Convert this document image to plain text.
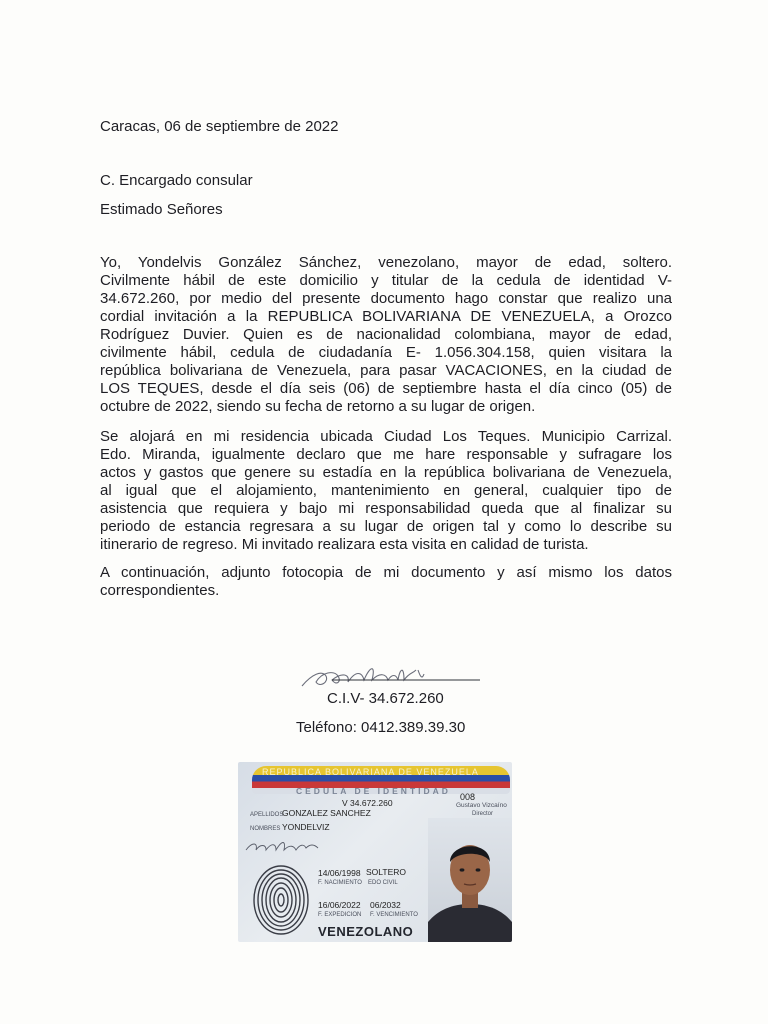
Caracas, 06 de septiembre de 2022
C. Encargado consular
Estimado Señores
Yo, Yondelvis González Sánchez, venezolano, mayor de edad, soltero.
Civilmente hábil de este domicilio y titular de la cedula de identidad V-
34.672.260, por medio del presente documento hago constar que realizo una
cordial invitación a la REPUBLICA BOLIVARIANA DE VENEZUELA, a Orozco
Rodríguez Duvier. Quien es de nacionalidad colombiana, mayor de edad,
civilmente hábil, cedula de ciudadanía E- 1.056.304.158, quien visitara la
república bolivariana de Venezuela, para pasar VACACIONES, en la ciudad de
LOS TEQUES, desde el día seis (06) de septiembre hasta el día cinco (05) de
octubre de 2022, siendo su fecha de retorno a su lugar de origen.
Se alojará en mi residencia ubicada Ciudad Los Teques. Municipio Carrizal.
Edo. Miranda, igualmente declaro que me hare responsable y sufragare los
actos y gastos que genere su estadía en la república bolivariana de Venezuela,
al igual que el alojamiento, mantenimiento en general, cualquier tipo de
asistencia que requiera y bajo mi responsabilidad queda que al finalizar su
periodo de estancia regresara a su lugar de origen tal y como lo describe su
itinerario de regreso. Mi invitado realizara esta visita en calidad de turista.
A continuación, adjunto fotocopia de mi documento y así mismo los datos
correspondientes.
C.I.V- 34.672.260
Teléfono: 0412.389.39.30
REPUBLICA BOLIVARIANA DE VENEZUELA
CEDULA DE IDENTIDAD
V 34.672.260
008
Gustavo Vizcaíno
Director
APELLIDOS
GONZALEZ SANCHEZ
NOMBRES YONDELVIZ
14/06/1998
F. NACIMIENTO
SOLTERO
EDO CIVIL
16/06/2022
F. EXPEDICION
06/2032
F. VENCIMIENTO
VENEZOLANO
